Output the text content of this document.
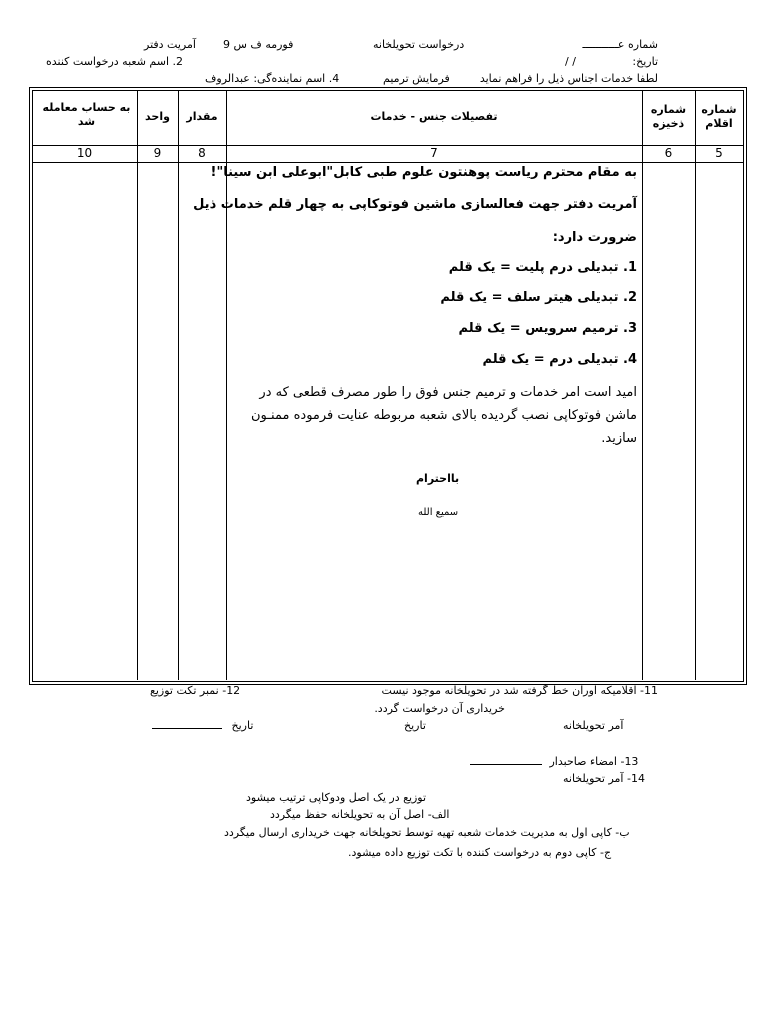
شماره عـــــــــــ
درخواست تحویلخانه
فورمه ف س 9
آمریت دفتر
تاریخ:
/ /
2. اسم شعبه درخواست کننده
لطفا خدمات اجناس ذیل را فراهم نماید
فرمایش ترمیم
4. اسم نماینده‌گی: عبدالروف
شماره اقلام
شماره ذخیزه
تفصیلات جنس - خدمات
مقدار
واحد
به حساب معامله شد
5
6
7
8
9
10
به مقام محترم ریاست پوهنتون علوم طبی کابل"ابوعلی ابن سینا"!
آمریت دفتر جهت فعالسازی ماشین فوتوکاپی به چهار قلم خدمات ذیل
ضرورت دارد:
1. تبدیلی درم پلیت = یک قلم
2. تبدیلی هیتر سلف = یک قلم
3. ترمیم سرویس = یک قلم
4. تبدیلی درم = یک قلم
امید است امر خدمات و ترمیم جنس فوق را طور مصرف قطعی که در
ماشن فوتوکاپی نصب گردیده بالای شعبه مربوطه عنایت فرموده ممنـون
سازید.
بااحترام
سمیع الله
11- اقلامیکه اوران خط گرفته شد در تحویلخانه موجود نیست
خریداری آن درخواست گردد.
آمر تحویلخانه
تاریخ
12- نمبر تکت توزیع
تاریخ
13- امضاء صاحبدار
14- آمر تحویلخانه
توزیع در یک اصل ودوکاپی ترتیب میشود
الف- اصل آن به تحویلخانه حفظ میگردد
ب- کاپی اول به مدیریت خدمات شعبه تهیه توسط تحویلخانه جهت خریداری ارسال میگردد
ج- کاپی دوم به درخواست کننده با تکت توزیع داده میشود.
